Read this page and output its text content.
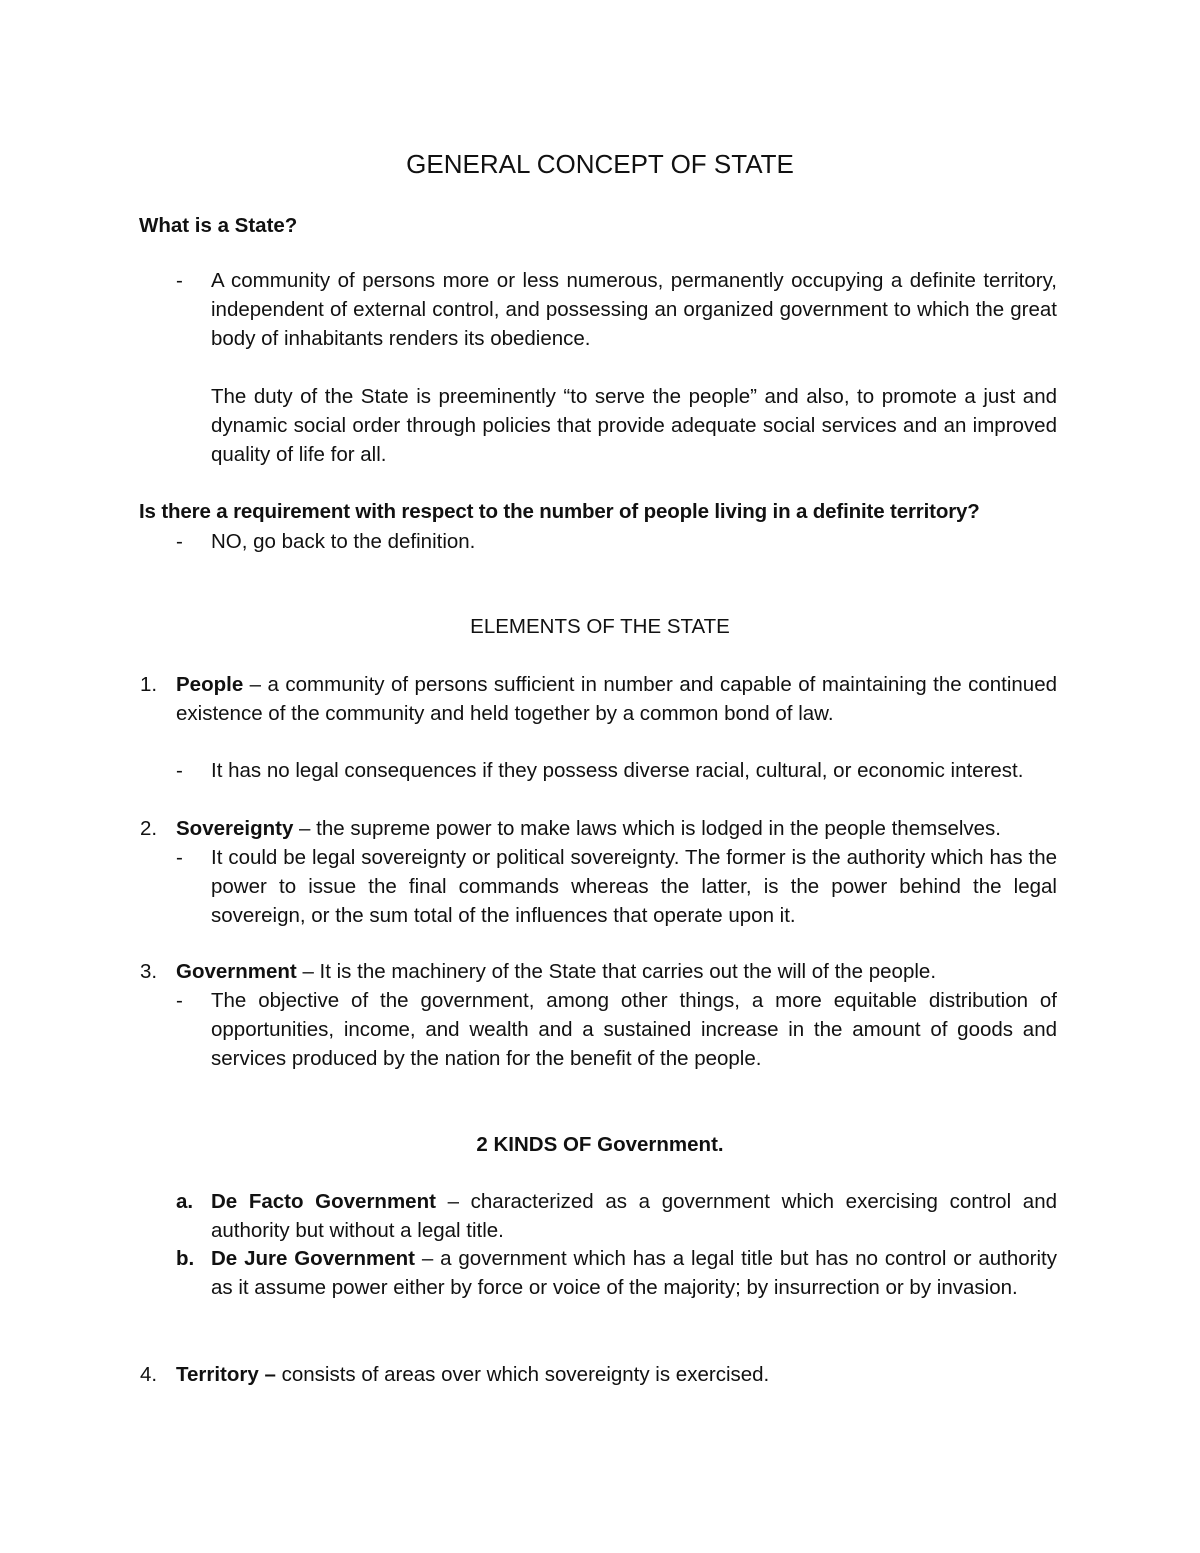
GENERAL CONCEPT OF STATE

What is a State?

- A community of persons more or less numerous, permanently occupying a definite territory, independent of external control, and possessing an organized government to which the great body of inhabitants renders its obedience.

The duty of the State is preeminently “to serve the people” and also, to promote a just and dynamic social order through policies that provide adequate social services and an improved quality of life for all.

Is there a requirement with respect to the number of people living in a definite territory?

- NO, go back to the definition.

ELEMENTS OF THE STATE

1. People – a community of persons sufficient in number and capable of maintaining the continued existence of the community and held together by a common bond of law.

- It has no legal consequences if they possess diverse racial, cultural, or economic interest.

2. Sovereignty – the supreme power to make laws which is lodged in the people themselves.

- It could be legal sovereignty or political sovereignty. The former is the authority which has the power to issue the final commands whereas the latter, is the power behind the legal sovereign, or the sum total of the influences that operate upon it.

3. Government – It is the machinery of the State that carries out the will of the people.

- The objective of the government, among other things, a more equitable distribution of opportunities, income, and wealth and a sustained increase in the amount of goods and services produced by the nation for the benefit of the people.

2 KINDS OF Government.

a. De Facto Government – characterized as a government which exercising control and authority but without a legal title.

b. De Jure Government – a government which has a legal title but has no control or authority as it assume power either by force or voice of the majority; by insurrection or by invasion.

4. Territory – consists of areas over which sovereignty is exercised.
